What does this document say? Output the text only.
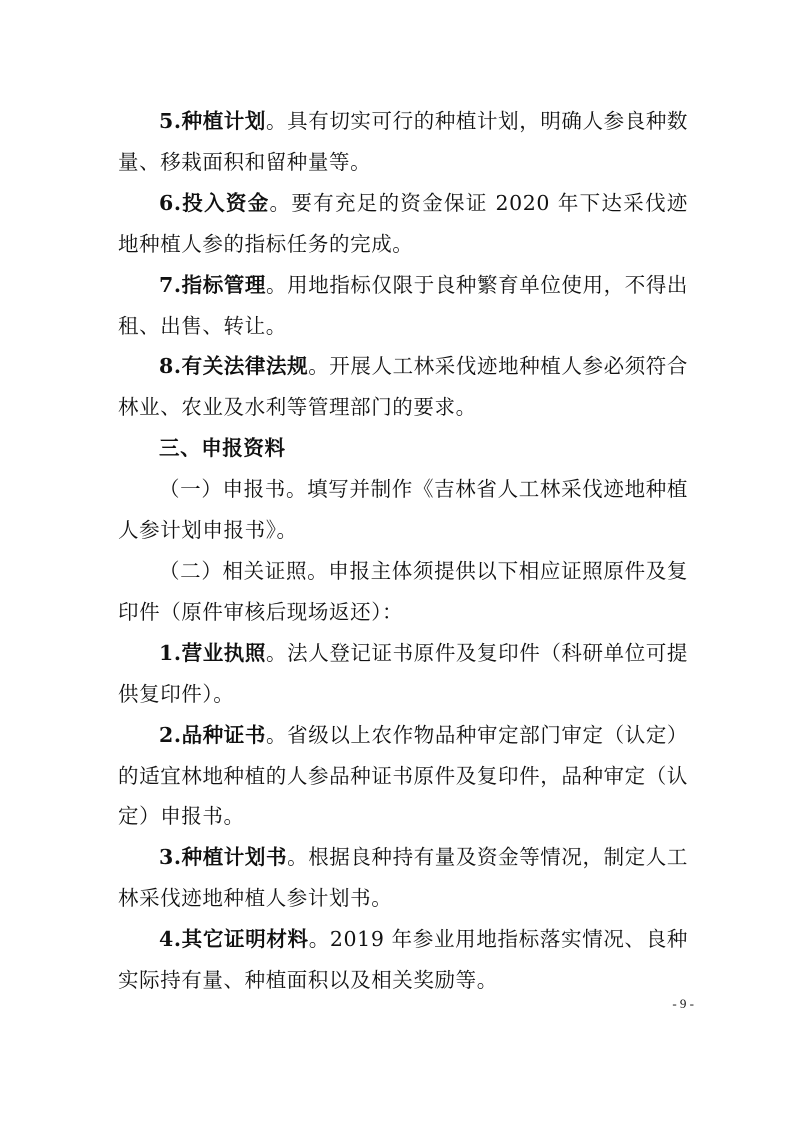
5.种植计划。具有切实可行的种植计划，明确人参良种数量、移栽面积和留种量等。

6.投入资金。要有充足的资金保证 2020 年下达采伐迹地种植人参的指标任务的完成。

7.指标管理。用地指标仅限于良种繁育单位使用，不得出租、出售、转让。

8.有关法律法规。开展人工林采伐迹地种植人参必须符合林业、农业及水利等管理部门的要求。

三、申报资料

（一）申报书。填写并制作《吉林省人工林采伐迹地种植人参计划申报书》。

（二）相关证照。申报主体须提供以下相应证照原件及复印件（原件审核后现场返还）：

1.营业执照。法人登记证书原件及复印件（科研单位可提供复印件）。

2.品种证书。省级以上农作物品种审定部门审定（认定）的适宜林地种植的人参品种证书原件及复印件，品种审定（认定）申报书。

3.种植计划书。根据良种持有量及资金等情况，制定人工林采伐迹地种植人参计划书。

4.其它证明材料。2019 年参业用地指标落实情况、良种实际持有量、种植面积以及相关奖励等。

- 9 -
